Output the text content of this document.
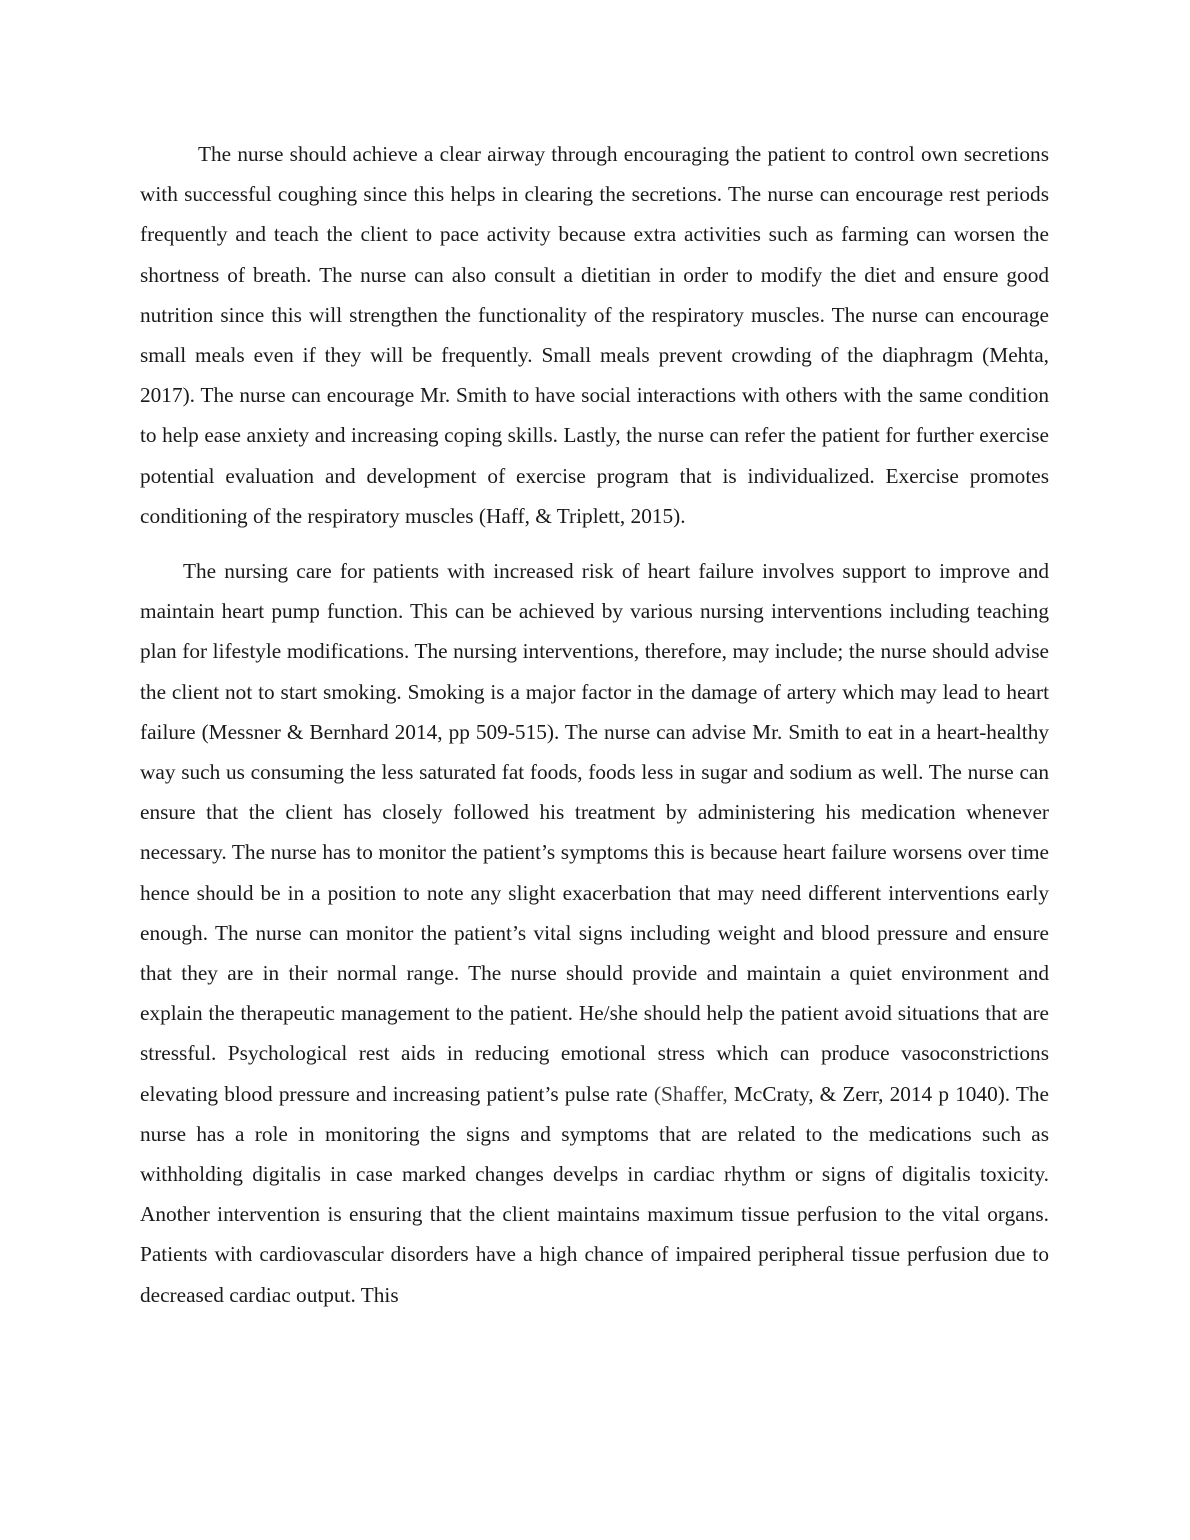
The nurse should achieve a clear airway through encouraging the patient to control own secretions with successful coughing since this helps in clearing the secretions. The nurse can encourage rest periods frequently and teach the client to pace activity because extra activities such as farming can worsen the shortness of breath. The nurse can also consult a dietitian in order to modify the diet and ensure good nutrition since this will strengthen the functionality of the respiratory muscles. The nurse can encourage small meals even if they will be frequently. Small meals prevent crowding of the diaphragm (Mehta, 2017). The nurse can encourage Mr. Smith to have social interactions with others with the same condition to help ease anxiety and increasing coping skills. Lastly, the nurse can refer the patient for further exercise potential evaluation and development of exercise program that is individualized. Exercise promotes conditioning of the respiratory muscles (Haff, & Triplett, 2015).

The nursing care for patients with increased risk of heart failure involves support to improve and maintain heart pump function. This can be achieved by various nursing interventions including teaching plan for lifestyle modifications. The nursing interventions, therefore, may include; the nurse should advise the client not to start smoking. Smoking is a major factor in the damage of artery which may lead to heart failure (Messner & Bernhard 2014, pp 509-515). The nurse can advise Mr. Smith to eat in a heart-healthy way such us consuming the less saturated fat foods, foods less in sugar and sodium as well. The nurse can ensure that the client has closely followed his treatment by administering his medication whenever necessary. The nurse has to monitor the patient’s symptoms this is because heart failure worsens over time hence should be in a position to note any slight exacerbation that may need different interventions early enough. The nurse can monitor the patient’s vital signs including weight and blood pressure and ensure that they are in their normal range. The nurse should provide and maintain a quiet environment and explain the therapeutic management to the patient. He/she should help the patient avoid situations that are stressful. Psychological rest aids in reducing emotional stress which can produce vasoconstrictions elevating blood pressure and increasing patient’s pulse rate (Shaffer, McCraty, & Zerr, 2014 p 1040). The nurse has a role in monitoring the signs and symptoms that are related to the medications such as withholding digitalis in case marked changes develps in cardiac rhythm or signs of digitalis toxicity. Another intervention is ensuring that the client maintains maximum tissue perfusion to the vital organs. Patients with cardiovascular disorders have a high chance of impaired peripheral tissue perfusion due to decreased cardiac output. This
